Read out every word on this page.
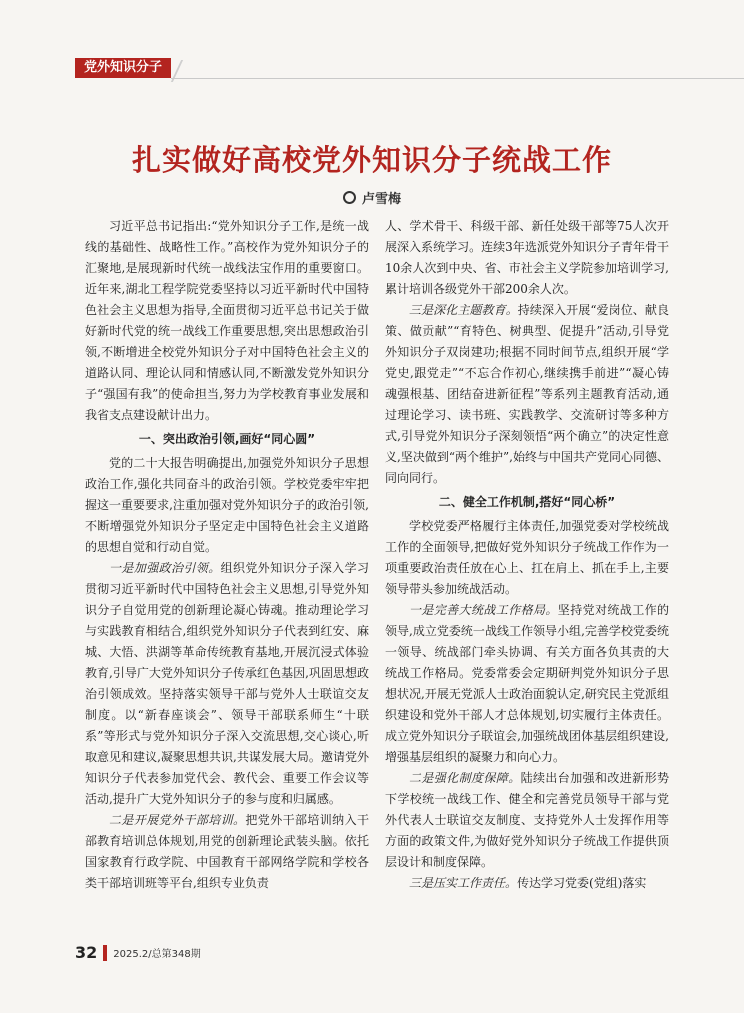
党外知识分子
扎实做好高校党外知识分子统战工作
卢雪梅

习近平总书记指出:“党外知识分子工作,是统一战线的基础性、战略性工作。”高校作为党外知识分子的汇聚地,是展现新时代统一战线法宝作用的重要窗口。近年来,湖北工程学院党委坚持以习近平新时代中国特色社会主义思想为指导,全面贯彻习近平总书记关于做好新时代党的统一战线工作重要思想,突出思想政治引领,不断增进全校党外知识分子对中国特色社会主义的道路认同、理论认同和情感认同,不断激发党外知识分子“强国有我”的使命担当,努力为学校教育事业发展和我省支点建设献计出力。

一、突出政治引领,画好“同心圆”

党的二十大报告明确提出,加强党外知识分子思想政治工作,强化共同奋斗的政治引领。学校党委牢牢把握这一重要要求,注重加强对党外知识分子的政治引领,不断增强党外知识分子坚定走中国特色社会主义道路的思想自觉和行动自觉。

一是加强政治引领。组织党外知识分子深入学习贯彻习近平新时代中国特色社会主义思想,引导党外知识分子自觉用党的创新理论凝心铸魂。推动理论学习与实践教育相结合,组织党外知识分子代表到红安、麻城、大悟、洪湖等革命传统教育基地,开展沉浸式体验教育,引导广大党外知识分子传承红色基因,巩固思想政治引领成效。坚持落实领导干部与党外人士联谊交友制度。以“新春座谈会”、领导干部联系师生“十联系”等形式与党外知识分子深入交流思想,交心谈心,听取意见和建议,凝聚思想共识,共谋发展大局。邀请党外知识分子代表参加党代会、教代会、重要工作会议等活动,提升广大党外知识分子的参与度和归属感。

二是开展党外干部培训。把党外干部培训纳入干部教育培训总体规划,用党的创新理论武装头脑。依托国家教育行政学院、中国教育干部网络学院和学校各类干部培训班等平台,组织专业负责

人、学术骨干、科级干部、新任处级干部等75人次开展深入系统学习。连续3年选派党外知识分子青年骨干10余人次到中央、省、市社会主义学院参加培训学习,累计培训各级党外干部200余人次。

三是深化主题教育。持续深入开展“爱岗位、献良策、做贡献”“育特色、树典型、促提升”活动,引导党外知识分子双岗建功;根据不同时间节点,组织开展“学党史,跟党走”“不忘合作初心,继续携手前进”“凝心铸魂强根基、团结奋进新征程”等系列主题教育活动,通过理论学习、读书班、实践教学、交流研讨等多种方式,引导党外知识分子深刻领悟“两个确立”的决定性意义,坚决做到“两个维护”,始终与中国共产党同心同德、同向同行。

二、健全工作机制,搭好“同心桥”

学校党委严格履行主体责任,加强党委对学校统战工作的全面领导,把做好党外知识分子统战工作作为一项重要政治责任放在心上、扛在肩上、抓在手上,主要领导带头参加统战活动。

一是完善大统战工作格局。坚持党对统战工作的领导,成立党委统一战线工作领导小组,完善学校党委统一领导、统战部门牵头协调、有关方面各负其责的大统战工作格局。党委常委会定期研判党外知识分子思想状况,开展无党派人士政治面貌认定,研究民主党派组织建设和党外干部人才总体规划,切实履行主体责任。成立党外知识分子联谊会,加强统战团体基层组织建设,增强基层组织的凝聚力和向心力。

二是强化制度保障。陆续出台加强和改进新形势下学校统一战线工作、健全和完善党员领导干部与党外代表人士联谊交友制度、支持党外人士发挥作用等方面的政策文件,为做好党外知识分子统战工作提供顶层设计和制度保障。

三是压实工作责任。传达学习党委(党组)落实

32 2025.2/总第348期
